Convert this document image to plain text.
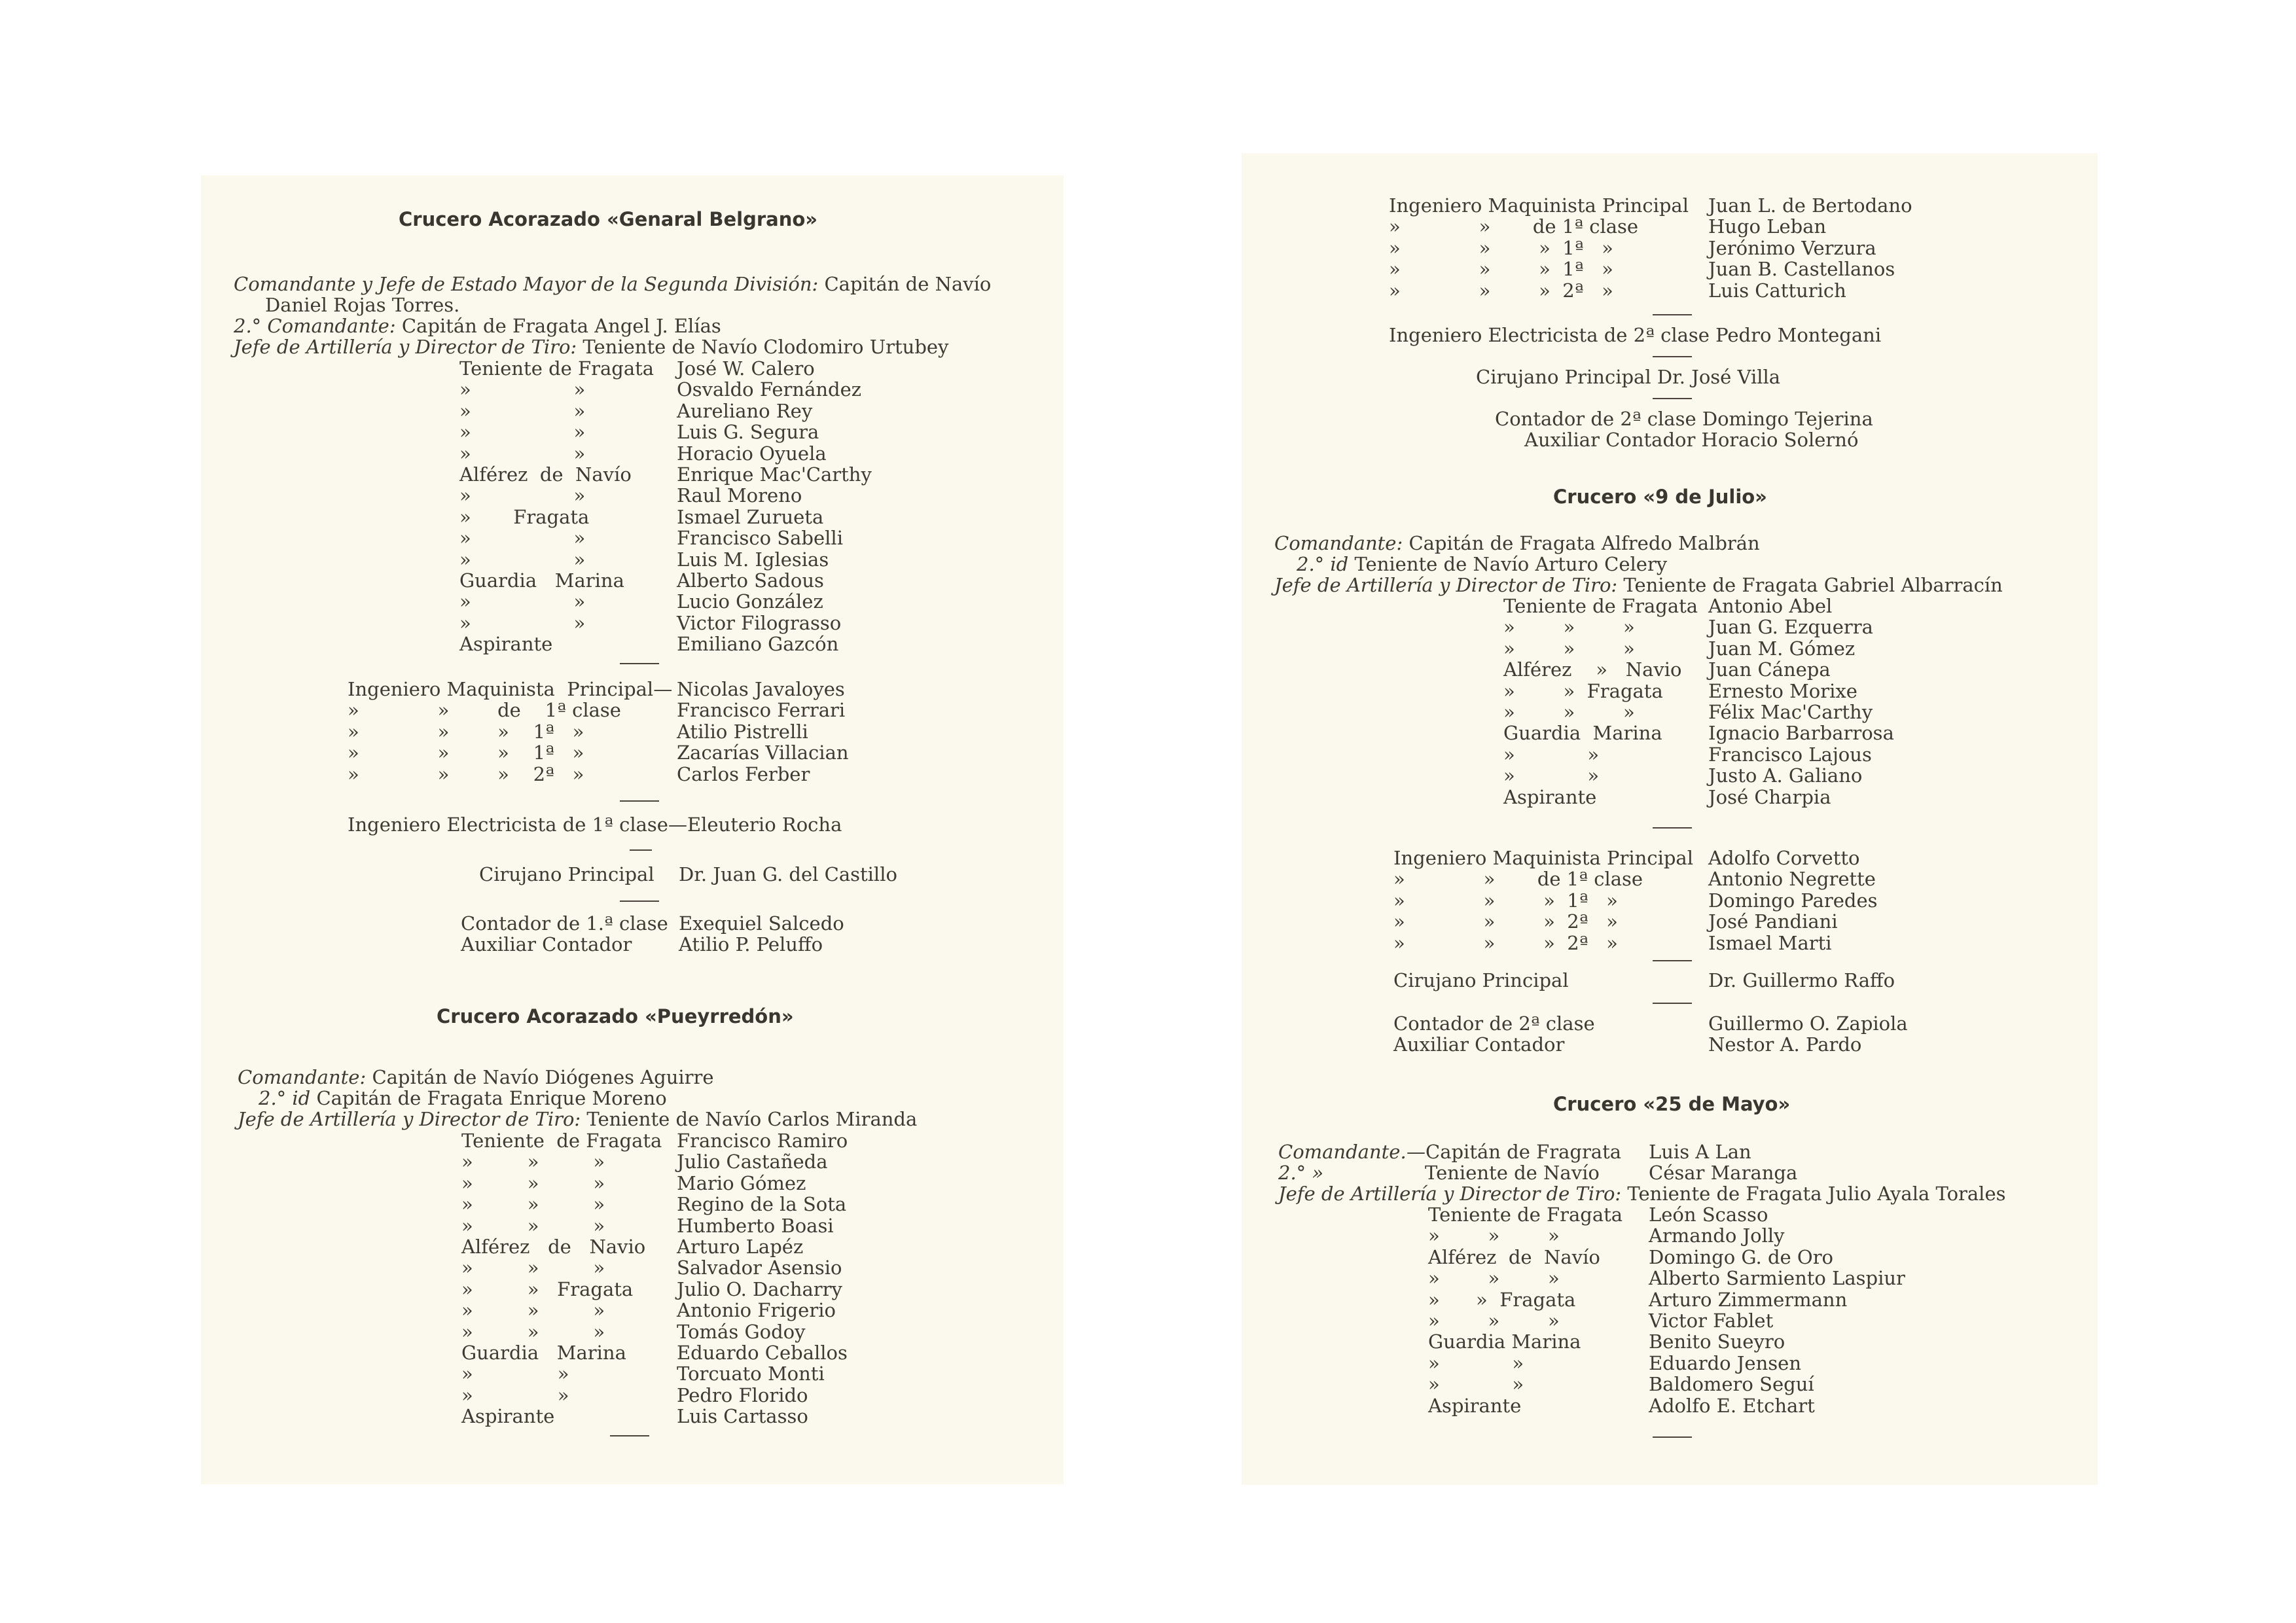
Crucero Acorazado «Genaral Belgrano»
Comandante y Jefe de Estado Mayor de la Segunda División: Capitán de Navío
Daniel Rojas Torres.
2.° Comandante: Capitán de Fragata Angel J. Elías
Jefe de Artillería y Director de Tiro: Teniente de Navío Clodomiro Urtubey
Teniente de Fragata José W. Calero
»                 »	Osvaldo Fernández
»                 »	Aureliano Rey
»                 »	Luis G. Segura
»                 »	Horacio Oyuela
Alférez  de  Navío Enrique Mac'Carthy
»                 »	Raul Moreno
»       Fragata	Ismael Zurueta
»                 »	Francisco Sabelli
»                 »	Luis M. Iglesias
Guardia   Marina	Alberto Sadous
»                 »	Lucio González
»                 »	Victor Filograsso
Aspirante	Emiliano Gazcón
Ingeniero Maquinista  Principal— Nicolas Javaloyes
»             »        de    1ª clase	Francisco Ferrari
»             »        »    1ª   »	Atilio Pistrelli
»             »        »    1ª   »	Zacarías Villacian
»             »        »    2ª   »	Carlos Ferber
Ingeniero Electricista de 1ª clase—Eleuterio Rocha
Cirujano Principal Dr. Juan G. del Castillo
Contador de 1.ª clase Exequiel Salcedo
Auxiliar Contador Atilio P. Peluffo
Crucero Acorazado «Pueyrredón»
Comandante: Capitán de Navío Diógenes Aguirre
2.° id Capitán de Fragata Enrique Moreno
Jefe de Artillería y Director de Tiro: Teniente de Navío Carlos Miranda
Teniente  de Fragata Francisco Ramiro
»         »         »	Julio Castañeda
»         »         »	Mario Gómez
»         »         »	Regino de la Sota
»         »         »	Humberto Boasi
Alférez   de   Navio Arturo Lapéz
»         »         »	Salvador Asensio
»         »   Fragata Julio O. Dacharry
»         »         »	Antonio Frigerio
»         »         »	Tomás Godoy
Guardia   Marina	Eduardo Ceballos
»              »	Torcuato Monti
»              »	Pedro Florido
Aspirante	Luis Cartasso
Ingeniero Maquinista Principal Juan L. de Bertodano
»             »       de 1ª clase	Hugo Leban
»             »        »  1ª   »	Jerónimo Verzura
»             »        »  1ª   »	Juan B. Castellanos
»             »        »  2ª   »	Luis Catturich
Ingeniero Electricista de 2ª clase Pedro Montegani
Cirujano Principal Dr. José Villa
Contador de 2ª clase Domingo Tejerina
Auxiliar Contador Horacio Solernó
Crucero «9 de Julio»
Comandante: Capitán de Fragata Alfredo Malbrán
2.° id Teniente de Navío Arturo Celery
Jefe de Artillería y Director de Tiro: Teniente de Fragata Gabriel Albarracín
Teniente de Fragata Antonio Abel
»        »        »	Juan G. Ezquerra
»        »        »	Juan M. Gómez
Alférez    »   Navio Juan Cánepa
»        »  Fragata Ernesto Morixe
»        »        »	Félix Mac'Carthy
Guardia  Marina Ignacio Barbarrosa
»            »	Francisco Lajous
»            »	Justo A. Galiano
Aspirante	José Charpia
Ingeniero Maquinista Principal Adolfo Corvetto
»             »       de 1ª clase	Antonio Negrette
»             »        »  1ª   »	Domingo Paredes
»             »        »  2ª   »	José Pandiani
»             »        »  2ª   »	Ismael Marti
Cirujano Principal	Dr. Guillermo Raffo
Contador de 2ª clase	Guillermo O. Zapiola
Auxiliar Contador	Nestor A. Pardo
Crucero «25 de Mayo»
Comandante. —Capitán de Fragrata Luis A Lan
2.° »	Teniente de Navío	César Maranga
Jefe de Artillería y Director de Tiro: Teniente de Fragata Julio Ayala Torales
Teniente de Fragata León Scasso
»        »        »	Armando Jolly
Alférez  de  Navío	Domingo G. de Oro
»        »        »	Alberto Sarmiento Laspiur
»      »  Fragata	Arturo Zimmermann
»        »        »	Victor Fablet
Guardia Marina	Benito Sueyro
»            »	Eduardo Jensen
»            »	Baldomero Seguí
Aspirante	Adolfo E. Etchart
